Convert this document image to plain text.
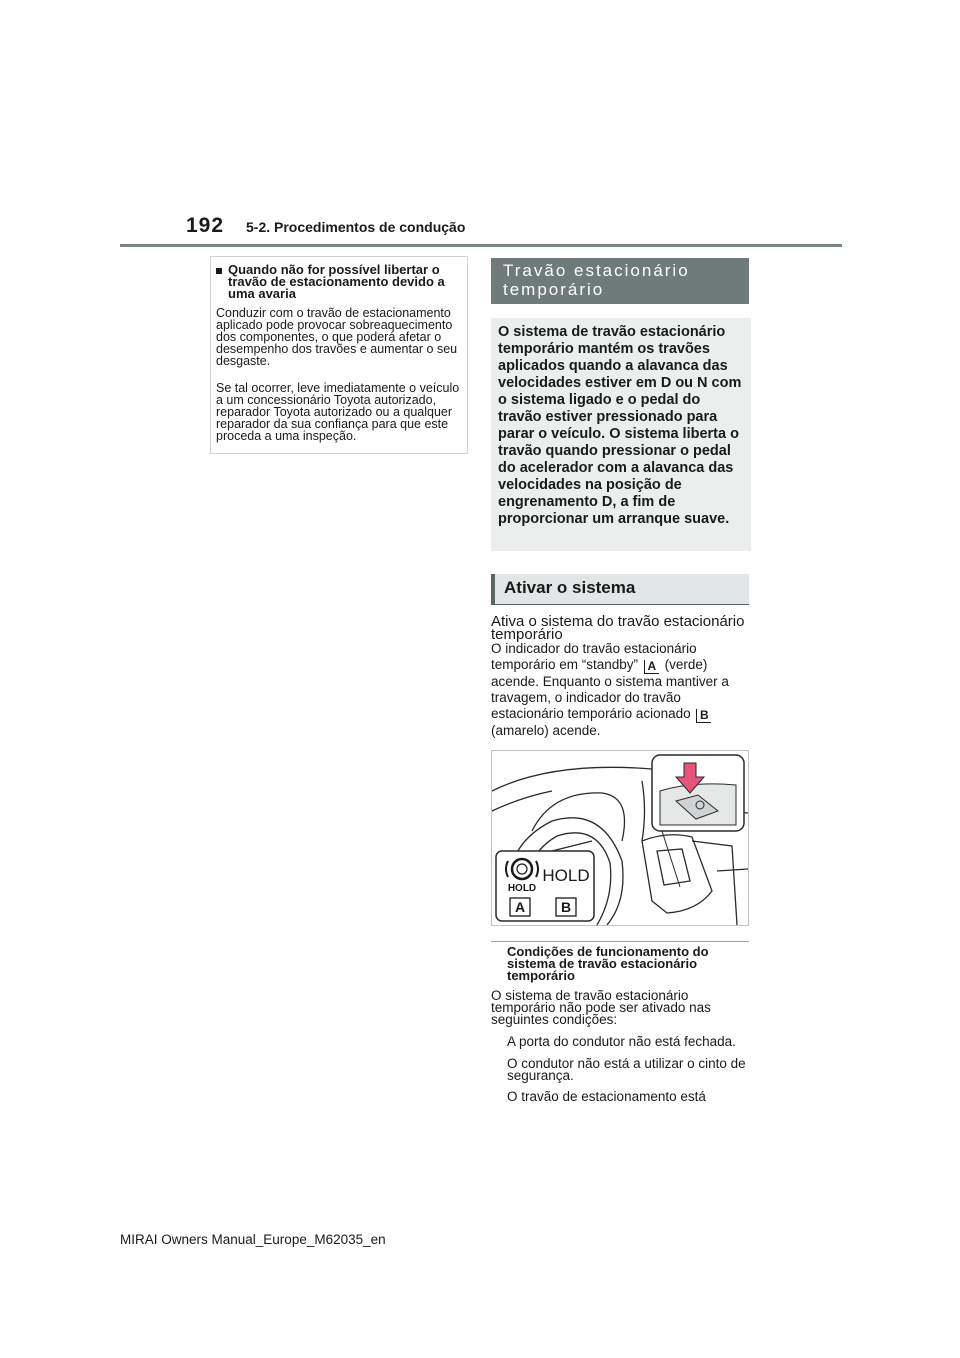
192 5-2. Procedimentos de condução
Quando não for possível libertar o travão de estacionamento devido a uma avaria
Conduzir com o travão de estacionamento aplicado pode provocar sobreaquecimento dos componentes, o que poderá afetar o desempenho dos travões e aumentar o seu desgaste.
Se tal ocorrer, leve imediatamente o veículo a um concessionário Toyota autorizado, reparador Toyota autorizado ou a qualquer reparador da sua confiança para que este proceda a uma inspeção.
Travão estacionário temporário
O sistema de travão estacionário temporário mantém os travões aplicados quando a alavanca das velocidades estiver em D ou N com o sistema ligado e o pedal do travão estiver pressionado para parar o veículo. O sistema liberta o travão quando pressionar o pedal do acelerador com a alavanca das velocidades na posição de engrenamento D, a fim de proporcionar um arranque suave.
Ativar o sistema
Ativa o sistema do travão estacionário temporário
O indicador do travão estacionário temporário em “standby” A (verde) acende. Enquanto o sistema mantiver a travagem, o indicador do travão estacionário temporário acionado B (amarelo) acende.
HOLD
HOLD
A	B
Condições de funcionamento do sistema de travão estacionário temporário
O sistema de travão estacionário temporário não pode ser ativado nas seguintes condições:
A porta do condutor não está fechada.
O condutor não está a utilizar o cinto de segurança.
O travão de estacionamento está
MIRAI Owners Manual_Europe_M62035_en
